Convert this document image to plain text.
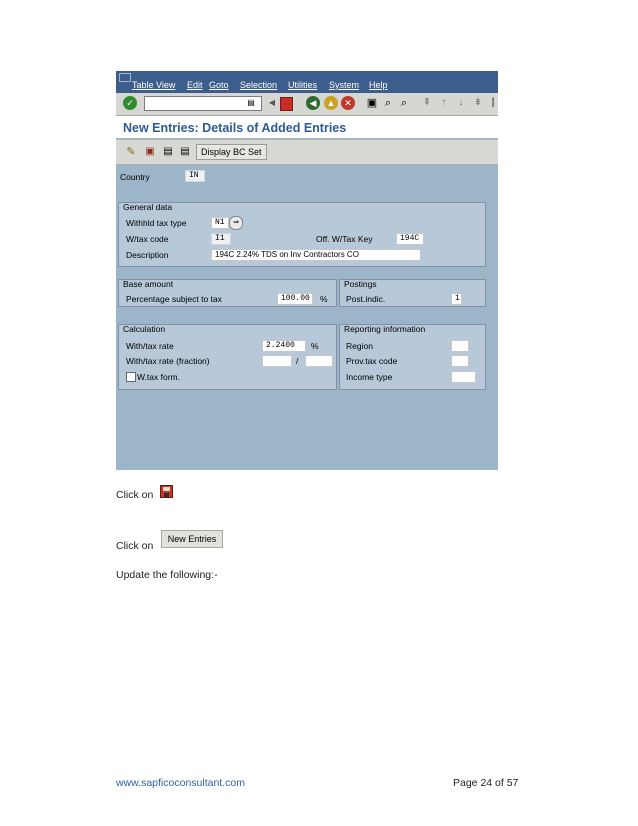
Table View Edit Goto Selection Utilities System Help
✓	▤	◀	◀	▲ ✕ ▣ ⌕ ⌕	⇞	↑	↓	⇟ |
New Entries: Details of Added Entries
✎ ▣ ▤ ▤	Display BC Set
Country	IN
General data
Withhld tax type	N1	⇒
W/tax code	I1	Off. W/Tax Key	194C
Description	194C 2.24% TDS on Inv Contractors CO
Base amount
Percentage subject to tax	100.00	%
Postings
Post.indic.	1
Calculation
With/tax rate	2.2400	%
With/tax rate (fraction)	/
W.tax form.
Reporting information
Region
Prov.tax code
Income type
Click on
Click on
New Entries
Update the following:-
www.sapficoconsultant.com	Page 24 of 57
